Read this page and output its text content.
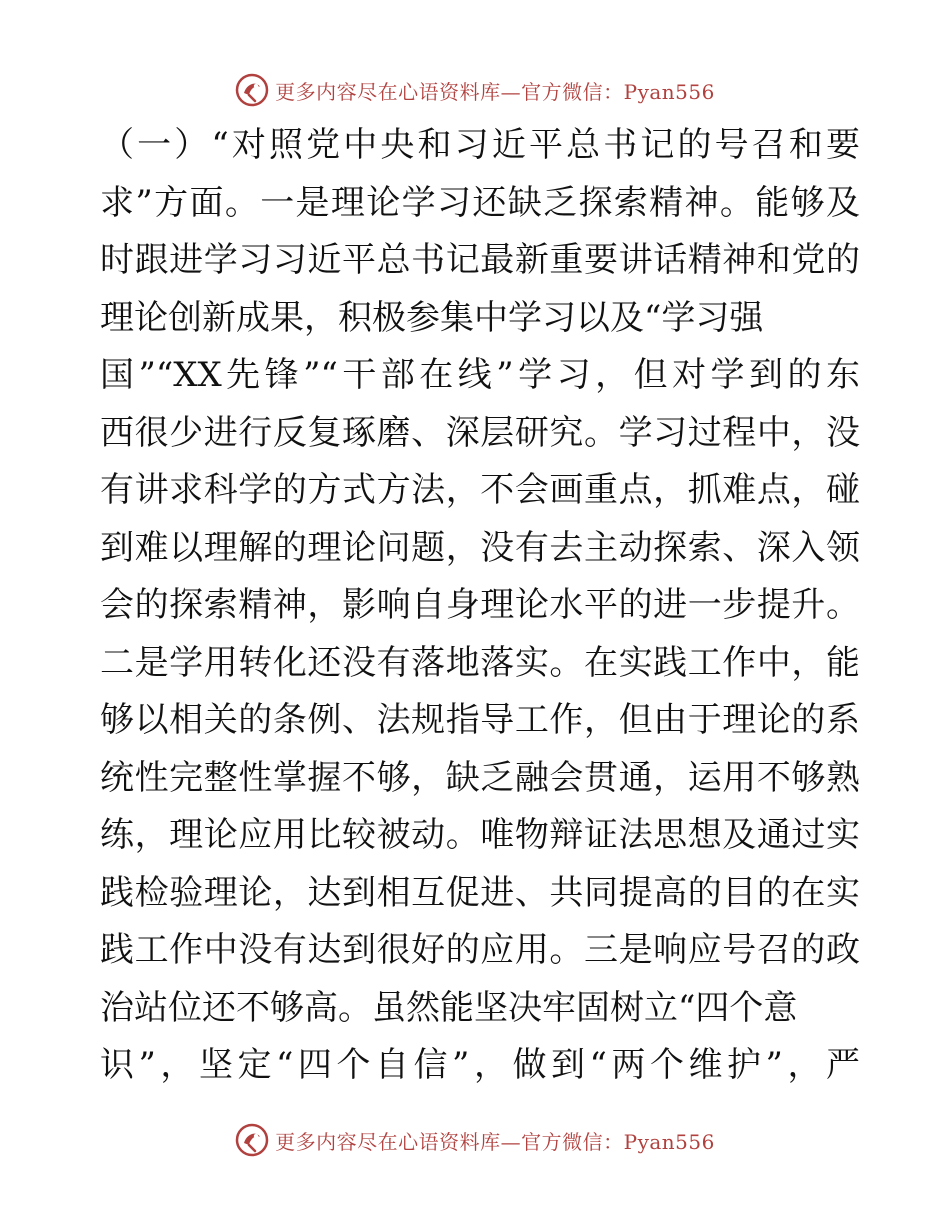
更多内容尽在心语资料库—官方微信：Pyan556
（一）“对照党中央和习近平总书记的号召和要
求”方面。一是理论学习还缺乏探索精神。能够及
时跟进学习习近平总书记最新重要讲话精神和党的
理论创新成果，积极参集中学习以及“学习强
国”“XX先锋”“干部在线”学习，但对学到的东
西很少进行反复琢磨、深层研究。学习过程中，没
有讲求科学的方式方法，不会画重点，抓难点，碰
到难以理解的理论问题，没有去主动探索、深入领
会的探索精神，影响自身理论水平的进一步提升。
二是学用转化还没有落地落实。在实践工作中，能
够以相关的条例、法规指导工作，但由于理论的系
统性完整性掌握不够，缺乏融会贯通，运用不够熟
练，理论应用比较被动。唯物辩证法思想及通过实
践检验理论，达到相互促进、共同提高的目的在实
践工作中没有达到很好的应用。三是响应号召的政
治站位还不够高。虽然能坚决牢固树立“四个意
识”，坚定“四个自信”，做到“两个维护”，严
更多内容尽在心语资料库—官方微信：Pyan556
